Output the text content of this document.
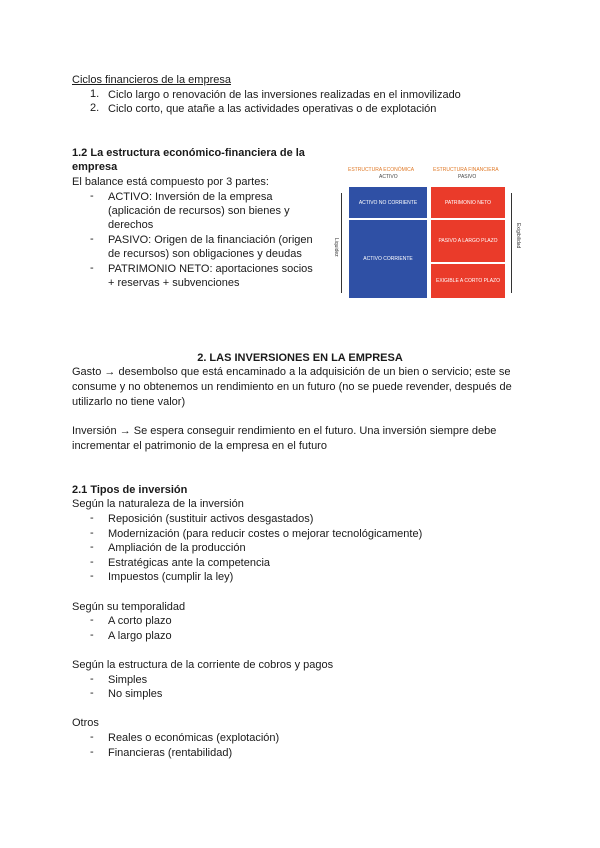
Ciclos financieros de la empresa
1. Ciclo largo o renovación de las inversiones realizadas en el inmovilizado
2. Ciclo corto, que atañe a las actividades operativas o de explotación
1.2 La estructura económico-financiera de la
empresa
El balance está compuesto por 3 partes:
- ACTIVO: Inversión de la empresa
(aplicación de recursos) son bienes y
derechos
- PASIVO: Origen de la financiación (origen
de recursos) son obligaciones y deudas
- PATRIMONIO NETO: aportaciones socios
+ reservas + subvenciones
ESTRUCTURA ECONÓMICA	ESTRUCTURA FINANCIERA
ACTIVO	PASIVO
ACTIVO NO CORRIENTE
ACTIVO CORRIENTE
PATRIMONIO NETO
PASIVO A LARGO PLAZO
EXIGIBLE A CORTO PLAZO
Liquidez	Exigibilidad
2. LAS INVERSIONES EN LA EMPRESA
Gasto → desembolso que está encaminado a la adquisición de un bien o servicio; este se
consume y no obtenemos un rendimiento en un futuro (no se puede revender, después de
utilizarlo no tiene valor)
Inversión → Se espera conseguir rendimiento en el futuro. Una inversión siempre debe
incrementar el patrimonio de la empresa en el futuro
2.1 Tipos de inversión
Según la naturaleza de la inversión
- Reposición (sustituir activos desgastados)
- Modernización (para reducir costes o mejorar tecnológicamente)
- Ampliación de la producción
- Estratégicas ante la competencia
- Impuestos (cumplir la ley)
Según su temporalidad
- A corto plazo
- A largo plazo
Según la estructura de la corriente de cobros y pagos
- Simples
- No simples
Otros
- Reales o económicas (explotación)
- Financieras (rentabilidad)
